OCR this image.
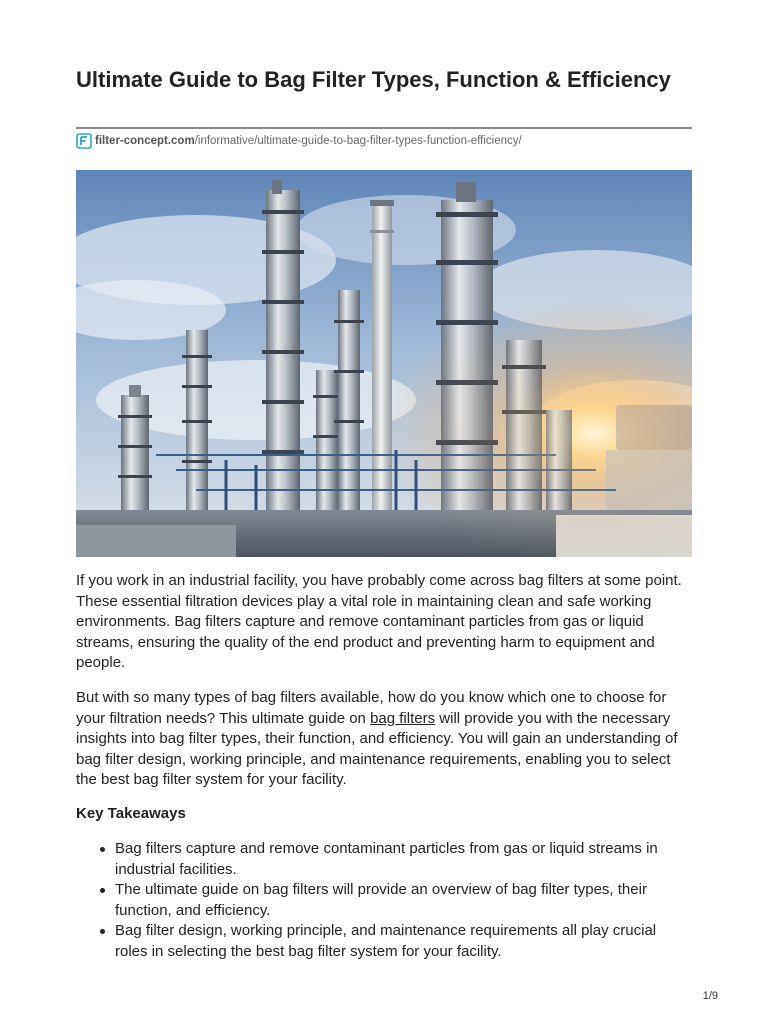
Ultimate Guide to Bag Filter Types, Function & Efficiency
filter-concept.com /informative/ultimate-guide-to-bag-filter-types-function-efficiency/

If you work in an industrial facility, you have probably come across bag filters at some point. These essential filtration devices play a vital role in maintaining clean and safe working environments. Bag filters capture and remove contaminant particles from gas or liquid streams, ensuring the quality of the end product and preventing harm to equipment and people.

But with so many types of bag filters available, how do you know which one to choose for your filtration needs? This ultimate guide on bag filters will provide you with the necessary insights into bag filter types, their function, and efficiency. You will gain an understanding of bag filter design, working principle, and maintenance requirements, enabling you to select the best bag filter system for your facility.

Key Takeaways
Bag filters capture and remove contaminant particles from gas or liquid streams in industrial facilities.
The ultimate guide on bag filters will provide an overview of bag filter types, their function, and efficiency.
Bag filter design, working principle, and maintenance requirements all play crucial roles in selecting the best bag filter system for your facility.
1/9
